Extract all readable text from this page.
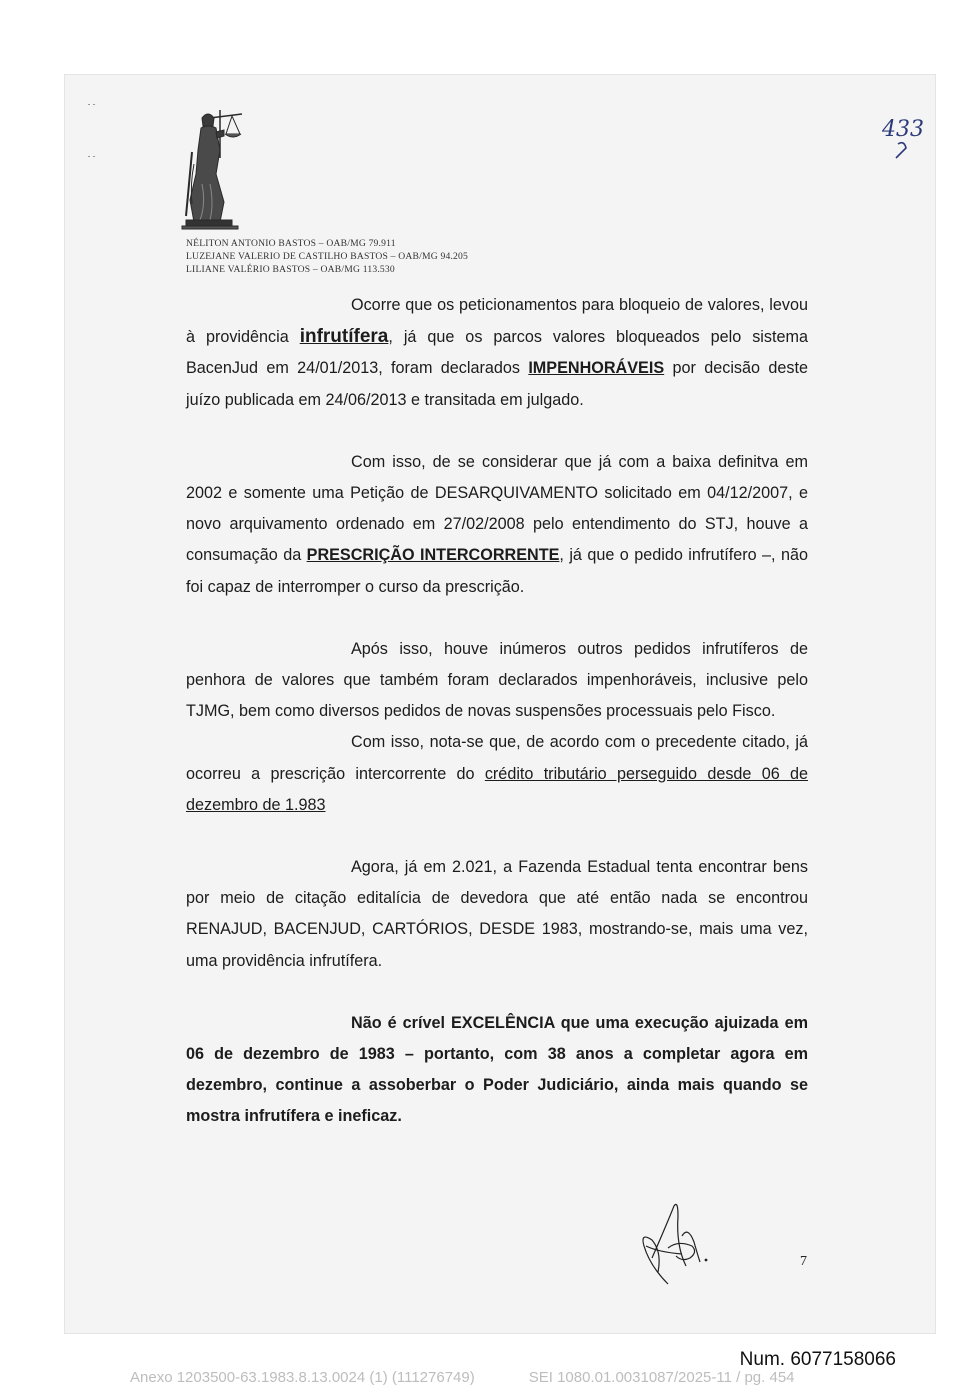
433
NÉLITON ANTONIO BASTOS – OAB/MG 79.911
LUZEJANE VALERIO DE CASTILHO BASTOS – OAB/MG 94.205
LILIANE VALÉRIO BASTOS – OAB/MG 113.530

Ocorre que os peticionamentos para bloqueio de valores, levou à providência infrutífera, já que os parcos valores bloqueados pelo sistema BacenJud em 24/01/2013, foram declarados IMPENHORÁVEIS por decisão deste juízo publicada em 24/06/2013 e transitada em julgado.

Com isso, de se considerar que já com a baixa definitva em 2002 e somente uma Petição de DESARQUIVAMENTO solicitado em 04/12/2007, e novo arquivamento ordenado em 27/02/2008 pelo entendimento do STJ, houve a consumação da PRESCRIÇÃO INTERCORRENTE, já que o pedido infrutífero –, não foi capaz de interromper o curso da prescrição.

Após isso, houve inúmeros outros pedidos infrutíferos de penhora de valores que também foram declarados impenhoráveis, inclusive pelo TJMG, bem como diversos pedidos de novas suspensões processuais pelo Fisco.

Com isso, nota-se que, de acordo com o precedente citado, já ocorreu a prescrição intercorrente do crédito tributário perseguido desde 06 de dezembro de 1.983

Agora, já em 2.021, a Fazenda Estadual tenta encontrar bens por meio de citação editalícia de devedora que até então nada se encontrou RENAJUD, BACENJUD, CARTÓRIOS, DESDE 1983, mostrando-se, mais uma vez, uma providência infrutífera.

Não é crível EXCELÊNCIA que uma execução ajuizada em 06 de dezembro de 1983 – portanto, com 38 anos a completar agora em dezembro, continue a assoberbar o Poder Judiciário, ainda mais quando se mostra infrutífera e ineficaz.

7
Num. 6077158066
Anexo 1203500-63.1983.8.13.0024 (1) (111276749)	SEI 1080.01.0031087/2025-11 / pg. 454
